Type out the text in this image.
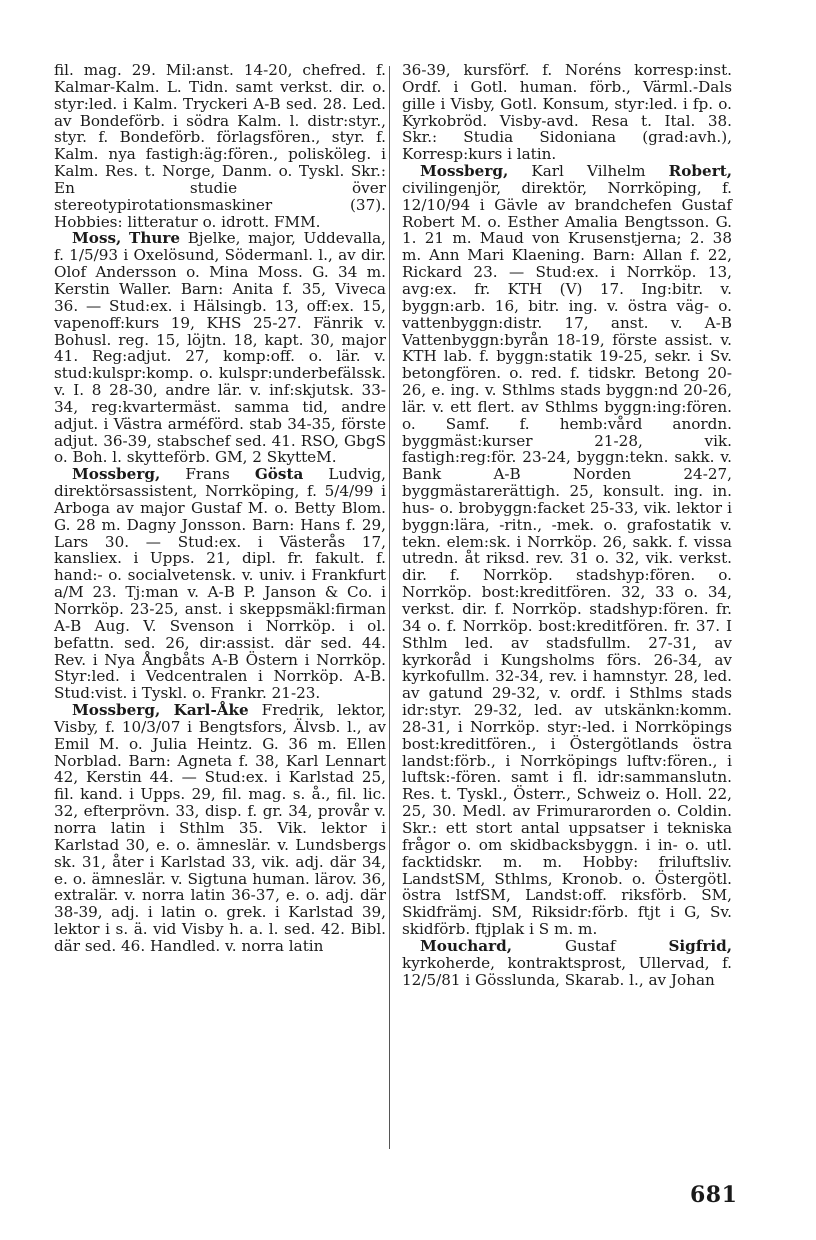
fil. mag. 29. Mil:anst. 14-20, chefred. f. Kalmar-Kalm. L. Tidn. samt verkst. dir. o. styr:led. i Kalm. Tryckeri A-B sed. 28. Led. av Bondeförb. i södra Kalm. l. distr:styr., styr. f. Bondeförb. förlagsfören., styr. f. Kalm. nya fastigh:äg:fören., polisköleg. i Kalm. Res. t. Norge, Danm. o. Tyskl. Skr.: En studie över stereotypirotationsmaskiner (37). Hobbies: litteratur o. idrott. FMM.

Moss, Thure Bjelke, major, Uddevalla, f. 1/5/93 i Oxelösund, Södermanl. l., av dir. Olof Andersson o. Mina Moss. G. 34 m. Kerstin Waller. Barn: Anita f. 35, Viveca 36. — Stud:ex. i Hälsingb. 13, off:ex. 15, vapenoff:kurs 19, KHS 25-27. Fänrik v. Bohusl. reg. 15, löjtn. 18, kapt. 30, major 41. Reg:adjut. 27, komp:off. o. lär. v. stud:kulspr:komp. o. kulspr:underbefälssk. v. I. 8 28-30, andre lär. v. inf:skjutsk. 33-34, reg:kvartermäst. samma tid, andre adjut. i Västra arméförd. stab 34-35, förste adjut. 36-39, stabschef sed. 41. RSO, GbgS o. Boh. l. skytteförb. GM, 2 SkytteM.

Mossberg, Frans Gösta Ludvig, direktörsassistent, Norrköping, f. 5/4/99 i Arboga av major Gustaf M. o. Betty Blom. G. 28 m. Dagny Jonsson. Barn: Hans f. 29, Lars 30. — Stud:ex. i Västerås 17, kansliex. i Upps. 21, dipl. fr. fakult. f. hand:- o. socialvetensk. v. univ. i Frankfurt a/M 23. Tj:man v. A-B P. Janson & Co. i Norrköp. 23-25, anst. i skeppsmäkl:firman A-B Aug. V. Svenson i Norrköp. i ol. befattn. sed. 26, dir:assist. där sed. 44. Rev. i Nya Ångbåts A-B Östern i Norrköp. Styr:led. i Vedcentralen i Norrköp. A-B. Stud:vist. i Tyskl. o. Frankr. 21-23.

Mossberg, Karl-Åke Fredrik, lektor, Visby, f. 10/3/07 i Bengtsfors, Älvsb. l., av Emil M. o. Julia Heintz. G. 36 m. Ellen Norblad. Barn: Agneta f. 38, Karl Lennart 42, Kerstin 44. — Stud:ex. i Karlstad 25, fil. kand. i Upps. 29, fil. mag. s. å., fil. lic. 32, efterprövn. 33, disp. f. gr. 34, provår v. norra latin i Sthlm 35. Vik. lektor i Karlstad 30, e. o. ämneslär. v. Lundsbergs sk. 31, åter i Karlstad 33, vik. adj. där 34, e. o. ämneslär. v. Sigtuna human. lärov. 36, extralär. v. norra latin 36-37, e. o. adj. där 38-39, adj. i latin o. grek. i Karlstad 39, lektor i s. ä. vid Visby h. a. l. sed. 42. Bibl. där sed. 46. Handled. v. norra latin

36-39, kursförf. f. Noréns korresp:inst. Ordf. i Gotl. human. förb., Värml.-Dals gille i Visby, Gotl. Konsum, styr:led. i fp. o. Kyrkobröd. Visby-avd. Resa t. Ital. 38. Skr.: Studia Sidoniana (grad:avh.), Korresp:kurs i latin.

Mossberg, Karl Vilhelm Robert, civilingenjör, direktör, Norrköping, f. 12/10/94 i Gävle av brandchefen Gustaf Robert M. o. Esther Amalia Bengtsson. G. 1. 21 m. Maud von Krusenstjerna; 2. 38 m. Ann Mari Klaening. Barn: Allan f. 22, Rickard 23. — Stud:ex. i Norrköp. 13, avg:ex. fr. KTH (V) 17. Ing:bitr. v. byggn:arb. 16, bitr. ing. v. östra väg- o. vattenbyggn:distr. 17, anst. v. A-B Vattenbyggn:byrån 18-19, förste assist. v. KTH lab. f. byggn:statik 19-25, sekr. i Sv. betongfören. o. red. f. tidskr. Betong 20-26, e. ing. v. Sthlms stads byggn:nd 20-26, lär. v. ett flert. av Sthlms byggn:ing:fören. o. Samf. f. hemb:vård anordn. byggmäst:kurser 21-28, vik. fastigh:reg:för. 23-24, byggn:tekn. sakk. v. Bank A-B Norden 24-27, byggmästarerättigh. 25, konsult. ing. in. hus- o. brobyggn:facket 25-33, vik. lektor i byggn:lära, -ritn., -mek. o. grafostatik v. tekn. elem:sk. i Norrköp. 26, sakk. f. vissa utredn. åt riksd. rev. 31 o. 32, vik. verkst. dir. f. Norrköp. stadshyp:fören. o. Norrköp. bost:kreditfören. 32, 33 o. 34, verkst. dir. f. Norrköp. stadshyp:fören. fr. 34 o. f. Norrköp. bost:kreditfören. fr. 37. I Sthlm led. av stadsfullm. 27-31, av kyrkoråd i Kungsholms förs. 26-34, av kyrkofullm. 32-34, rev. i hamnstyr. 28, led. av gatund 29-32, v. ordf. i Sthlms stads idr:styr. 29-32, led. av utskänkn:komm. 28-31, i Norrköp. styr:-led. i Norrköpings bost:kreditfören., i Östergötlands östra landst:förb., i Norrköpings luftv:fören., i luftsk:-fören. samt i fl. idr:sammanslutn. Res. t. Tyskl., Österr., Schweiz o. Holl. 22, 25, 30. Medl. av Frimurarorden o. Coldin. Skr.: ett stort antal uppsatser i tekniska frågor o. om skidbacksbyggn. i in- o. utl. facktidskr. m. m. Hobby: friluftsliv. LandstSM, Sthlms, Kronob. o. Östergötl. östra lstfSM, Landst:off. riksförb. SM, Skidfrämj. SM, Riksidr:förb. ftjt i G, Sv. skidförb. ftjplak i S m. m.

Mouchard,	Gustaf	Sigfrid, kyrkoherde, kontraktsprost, Ullervad, f. 12/5/81 i Gösslunda, Skarab. l., av Johan

681
